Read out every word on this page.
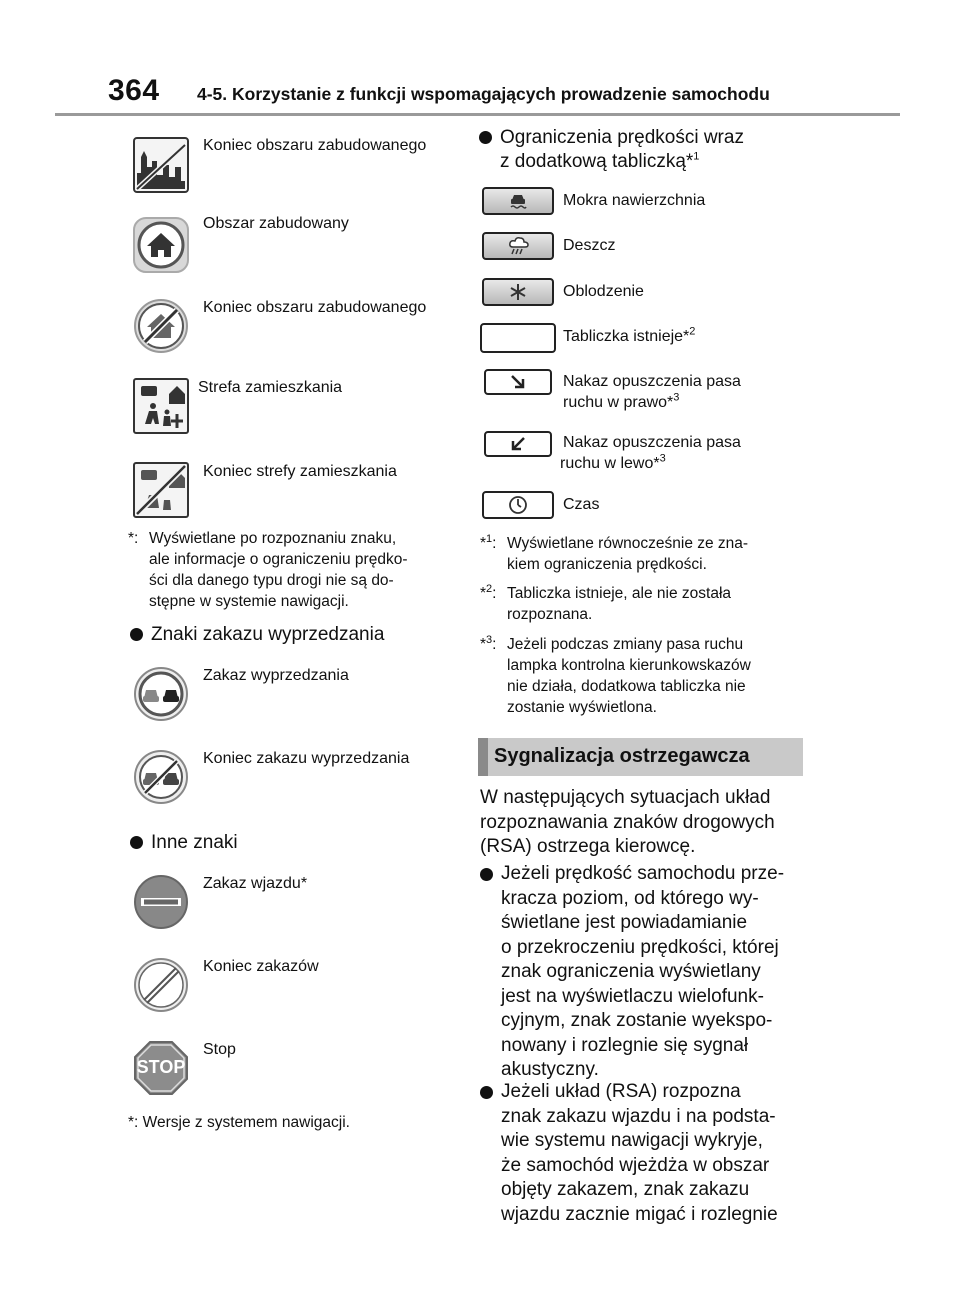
364 4-5. Korzystanie z funkcji wspomagających prowadzenie samochodu
Koniec obszaru zabudowanego
Obszar zabudowany
Koniec obszaru zabudowanego
Strefa zamieszkania
Koniec strefy zamieszkania
*: Wyświetlane po rozpoznaniu znaku,
ale informacje o ograniczeniu prędko-
ści dla danego typu drogi nie są do-
stępne w systemie nawigacji.
Znaki zakazu wyprzedzania
Zakaz wyprzedzania
Koniec zakazu wyprzedzania
Inne znaki
Zakaz wjazdu*
Koniec zakazów
STOP
Stop
*: Wersje z systemem nawigacji.
Ograniczenia prędkości wraz
z dodatkową tabliczką*$^1$
Mokra nawierzchnia
Deszcz
Oblodzenie
Tabliczka istnieje*$^2$
Nakaz opuszczenia pasa
ruchu w prawo*$^3$
Nakaz opuszczenia pasa
ruchu w lewo*$^3$
Czas
*$^1$: Wyświetlane równocześnie ze zna-
kiem ograniczenia prędkości.
*$^2$: Tabliczka istnieje, ale nie została
rozpoznana.
*$^3$: Jeżeli podczas zmiany pasa ruchu
lampka kontrolna kierunkowskazów
nie działa, dodatkowa tabliczka nie
zostanie wyświetlona.
Sygnalizacja ostrzegawcza
W następujących sytuacjach układ
rozpoznawania znaków drogowych
(RSA) ostrzega kierowcę.
Jeżeli prędkość samochodu prze-
kracza poziom, od którego wy-
świetlane jest powiadamianie
o przekroczeniu prędkości, której
znak ograniczenia wyświetlany
jest na wyświetlaczu wielofunk-
cyjnym, znak zostanie wyekspo-
nowany i rozlegnie się sygnał
akustyczny.
Jeżeli układ (RSA) rozpozna
znak zakazu wjazdu i na podsta-
wie systemu nawigacji wykryje,
że samochód wjeżdża w obszar
objęty zakazem, znak zakazu
wjazdu zacznie migać i rozlegnie
